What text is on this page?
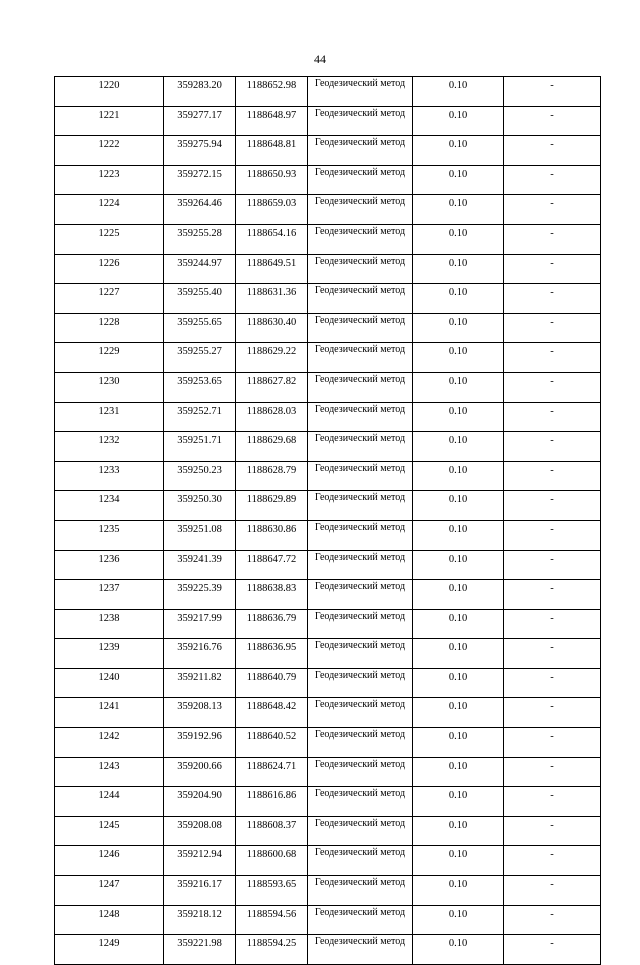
44
1220	359283.20	1188652.98	Геодезический метод	0.10	-
1221	359277.17	1188648.97	Геодезический метод	0.10	-
1222	359275.94	1188648.81	Геодезический метод	0.10	-
1223	359272.15	1188650.93	Геодезический метод	0.10	-
1224	359264.46	1188659.03	Геодезический метод	0.10	-
1225	359255.28	1188654.16	Геодезический метод	0.10	-
1226	359244.97	1188649.51	Геодезический метод	0.10	-
1227	359255.40	1188631.36	Геодезический метод	0.10	-
1228	359255.65	1188630.40	Геодезический метод	0.10	-
1229	359255.27	1188629.22	Геодезический метод	0.10	-
1230	359253.65	1188627.82	Геодезический метод	0.10	-
1231	359252.71	1188628.03	Геодезический метод	0.10	-
1232	359251.71	1188629.68	Геодезический метод	0.10	-
1233	359250.23	1188628.79	Геодезический метод	0.10	-
1234	359250.30	1188629.89	Геодезический метод	0.10	-
1235	359251.08	1188630.86	Геодезический метод	0.10	-
1236	359241.39	1188647.72	Геодезический метод	0.10	-
1237	359225.39	1188638.83	Геодезический метод	0.10	-
1238	359217.99	1188636.79	Геодезический метод	0.10	-
1239	359216.76	1188636.95	Геодезический метод	0.10	-
1240	359211.82	1188640.79	Геодезический метод	0.10	-
1241	359208.13	1188648.42	Геодезический метод	0.10	-
1242	359192.96	1188640.52	Геодезический метод	0.10	-
1243	359200.66	1188624.71	Геодезический метод	0.10	-
1244	359204.90	1188616.86	Геодезический метод	0.10	-
1245	359208.08	1188608.37	Геодезический метод	0.10	-
1246	359212.94	1188600.68	Геодезический метод	0.10	-
1247	359216.17	1188593.65	Геодезический метод	0.10	-
1248	359218.12	1188594.56	Геодезический метод	0.10	-
1249	359221.98	1188594.25	Геодезический метод	0.10	-
